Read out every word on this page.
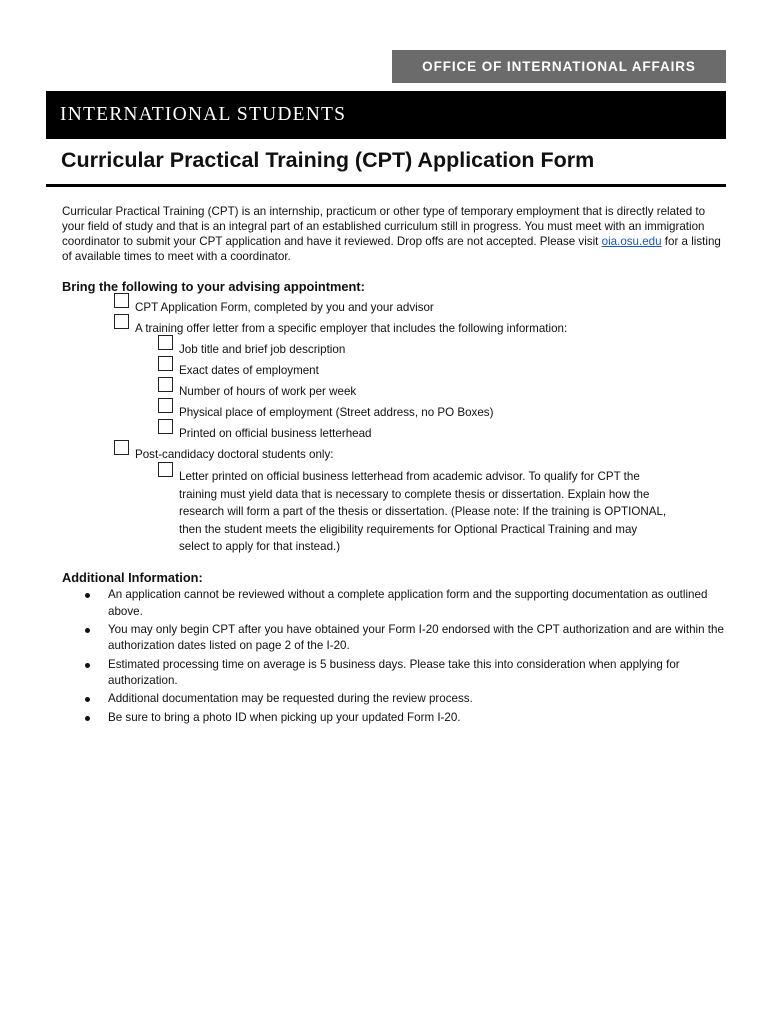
OFFICE OF INTERNATIONAL AFFAIRS
INTERNATIONAL STUDENTS
Curricular Practical Training (CPT) Application Form

Curricular Practical Training (CPT) is an internship, practicum or other type of temporary employment that is directly related to your field of study and that is an integral part of an established curriculum still in progress. You must meet with an immigration coordinator to submit your CPT application and have it reviewed. Drop offs are not accepted. Please visit oia.osu.edu for a listing of available times to meet with a coordinator.

Bring the following to your advising appointment:
CPT Application Form, completed by you and your advisor
A training offer letter from a specific employer that includes the following information:
Job title and brief job description
Exact dates of employment
Number of hours of work per week
Physical place of employment (Street address, no PO Boxes)
Printed on official business letterhead
Post-candidacy doctoral students only:
Letter printed on official business letterhead from academic advisor. To qualify for CPT the training must yield data that is necessary to complete thesis or dissertation. Explain how the research will form a part of the thesis or dissertation. (Please note: If the training is OPTIONAL, then the student meets the eligibility requirements for Optional Practical Training and may select to apply for that instead.)
Additional Information:
An application cannot be reviewed without a complete application form and the supporting documentation as outlined above.
You may only begin CPT after you have obtained your Form I-20 endorsed with the CPT authorization and are within the authorization dates listed on page 2 of the I-20.
Estimated processing time on average is 5 business days. Please take this into consideration when applying for authorization.
Additional documentation may be requested during the review process.
Be sure to bring a photo ID when picking up your updated Form I-20.
